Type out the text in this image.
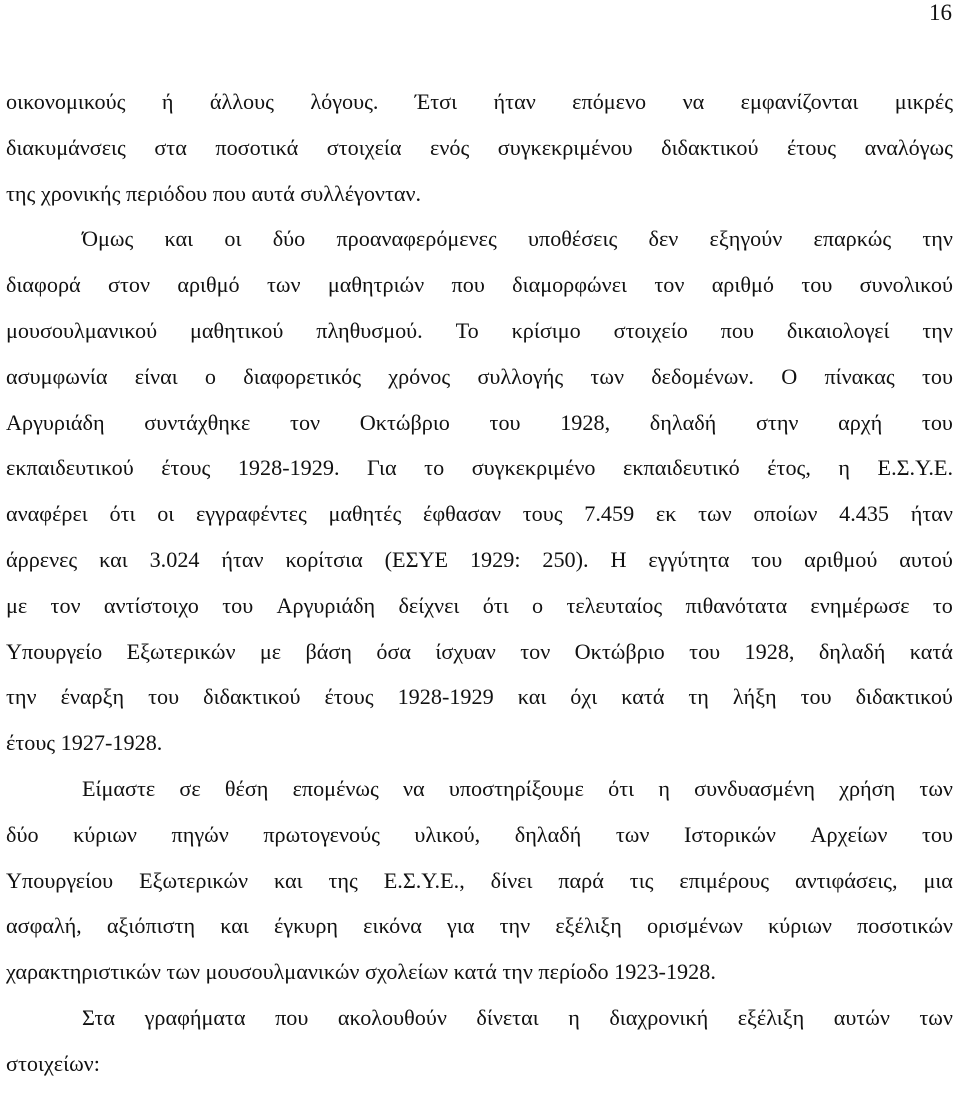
16
οικονομικούς ή άλλους λόγους. Έτσι ήταν επόμενο να εμφανίζονται μικρές
διακυμάνσεις στα ποσοτικά στοιχεία ενός συγκεκριμένου διδακτικού έτους αναλόγως
της χρονικής περιόδου που αυτά συλλέγονταν.
Όμως και οι δύο προαναφερόμενες υποθέσεις δεν εξηγούν επαρκώς την
διαφορά στον αριθμό των μαθητριών που διαμορφώνει τον αριθμό του συνολικού
μουσουλμανικού μαθητικού πληθυσμού. Το κρίσιμο στοιχείο που δικαιολογεί την
ασυμφωνία είναι ο διαφορετικός χρόνος συλλογής των δεδομένων. Ο πίνακας του
Αργυριάδη συντάχθηκε τον Οκτώβριο του 1928, δηλαδή στην αρχή του
εκπαιδευτικού έτους 1928-1929. Για το συγκεκριμένο εκπαιδευτικό έτος, η Ε.Σ.Υ.Ε.
αναφέρει ότι οι εγγραφέντες μαθητές έφθασαν τους 7.459 εκ των οποίων 4.435 ήταν
άρρενες και 3.024 ήταν κορίτσια (ΕΣΥΕ 1929: 250). Η εγγύτητα του αριθμού αυτού
με τον αντίστοιχο του Αργυριάδη δείχνει ότι ο τελευταίος πιθανότατα ενημέρωσε το
Υπουργείο Εξωτερικών με βάση όσα ίσχυαν τον Οκτώβριο του 1928, δηλαδή κατά
την έναρξη του διδακτικού έτους 1928-1929 και όχι κατά τη λήξη του διδακτικού
έτους 1927-1928.
Είμαστε σε θέση επομένως να υποστηρίξουμε ότι η συνδυασμένη χρήση των
δύο κύριων πηγών πρωτογενούς υλικού, δηλαδή των Ιστορικών Αρχείων του
Υπουργείου Εξωτερικών και της Ε.Σ.Υ.Ε., δίνει παρά τις επιμέρους αντιφάσεις, μια
ασφαλή, αξιόπιστη και έγκυρη εικόνα για την εξέλιξη ορισμένων κύριων ποσοτικών
χαρακτηριστικών των μουσουλμανικών σχολείων κατά την περίοδο 1923-1928.
Στα γραφήματα που ακολουθούν δίνεται η διαχρονική εξέλιξη αυτών των
στοιχείων:
